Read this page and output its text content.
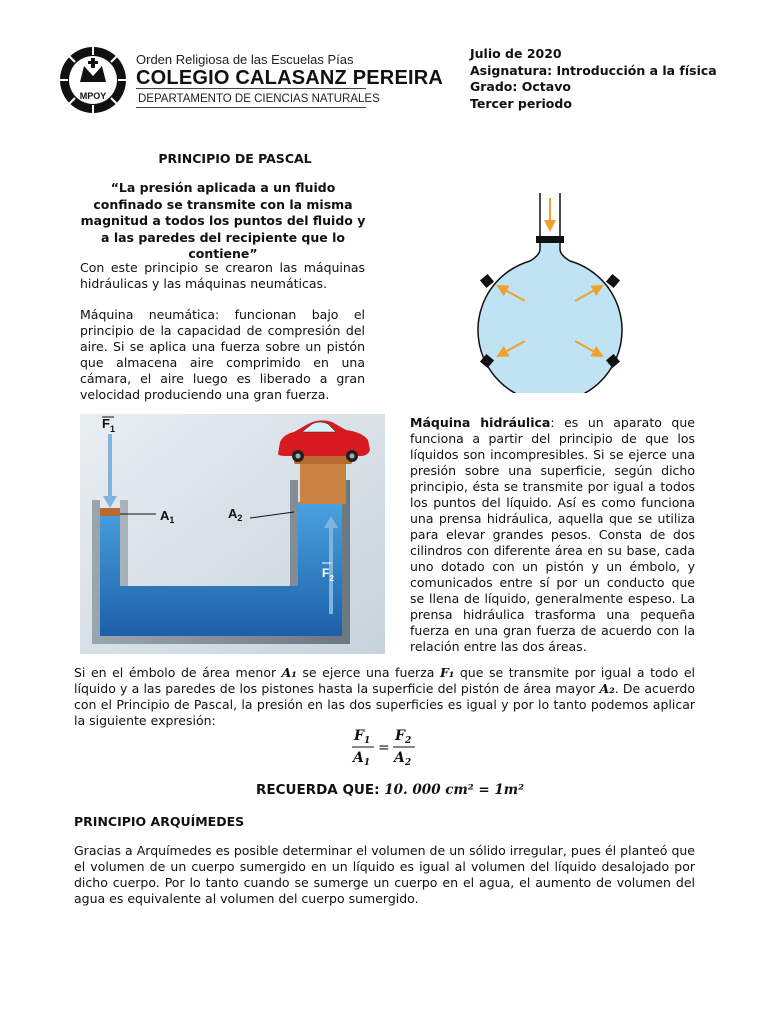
MPOY
Orden Religiosa de las Escuelas Pías
COLEGIO CALASANZ PEREIRA
DEPARTAMENTO DE CIENCIAS NATURALES
Julio de 2020
Asignatura: Introducción a la física
Grado: Octavo
Tercer periodo
PRINCIPIO DE PASCAL
“La presión aplicada a un fluido confinado se transmite con la misma magnitud a todos los puntos del fluido y a las paredes del recipiente que lo contiene”
Con este principio se crearon las máquinas hidráulicas y las máquinas neumáticas.
Máquina neumática: funcionan bajo el principio de la capacidad de compresión del aire. Si se aplica una fuerza sobre un pistón que almacena aire comprimido en una cámara, el aire luego es liberado a gran velocidad produciendo una gran fuerza.
$F_1$
$A_1$	$A_2$
$F_2$
Máquina hidráulica: es un aparato que funciona a partir del principio de que los líquidos son incompresibles. Si se ejerce una presión sobre una superficie, según dicho principio, ésta se transmite por igual a todos los puntos del líquido. Así es como funciona una prensa hidráulica, aquella que se utiliza para elevar grandes pesos. Consta de dos cilindros con diferente área en su base, cada uno dotado con un pistón y un émbolo, y comunicados entre sí por un conducto que se llena de líquido, generalmente espeso. La prensa hidráulica trasforma una pequeña fuerza en una gran fuerza de acuerdo con la relación entre las dos áreas.
Si en el émbolo de área menor A₁ se ejerce una fuerza F₁ que se transmite por igual a todo el líquido y a las paredes de los pistones hasta la superficie del pistón de área mayor A₂. De acuerdo con el Principio de Pascal, la presión en las dos superficies es igual y por lo tanto podemos aplicar la siguiente expresión:
$F_1$
$A_1$
=
$F_2$
$A_2$
RECUERDA QUE: 10. 000 cm² = 1m²
PRINCIPIO ARQUÍMEDES
Gracias a Arquímedes es posible determinar el volumen de un sólido irregular, pues él planteó que el volumen de un cuerpo sumergido en un líquido es igual al volumen del líquido desalojado por dicho cuerpo. Por lo tanto cuando se sumerge un cuerpo en el agua, el aumento de volumen del agua es equivalente al volumen del cuerpo sumergido.
